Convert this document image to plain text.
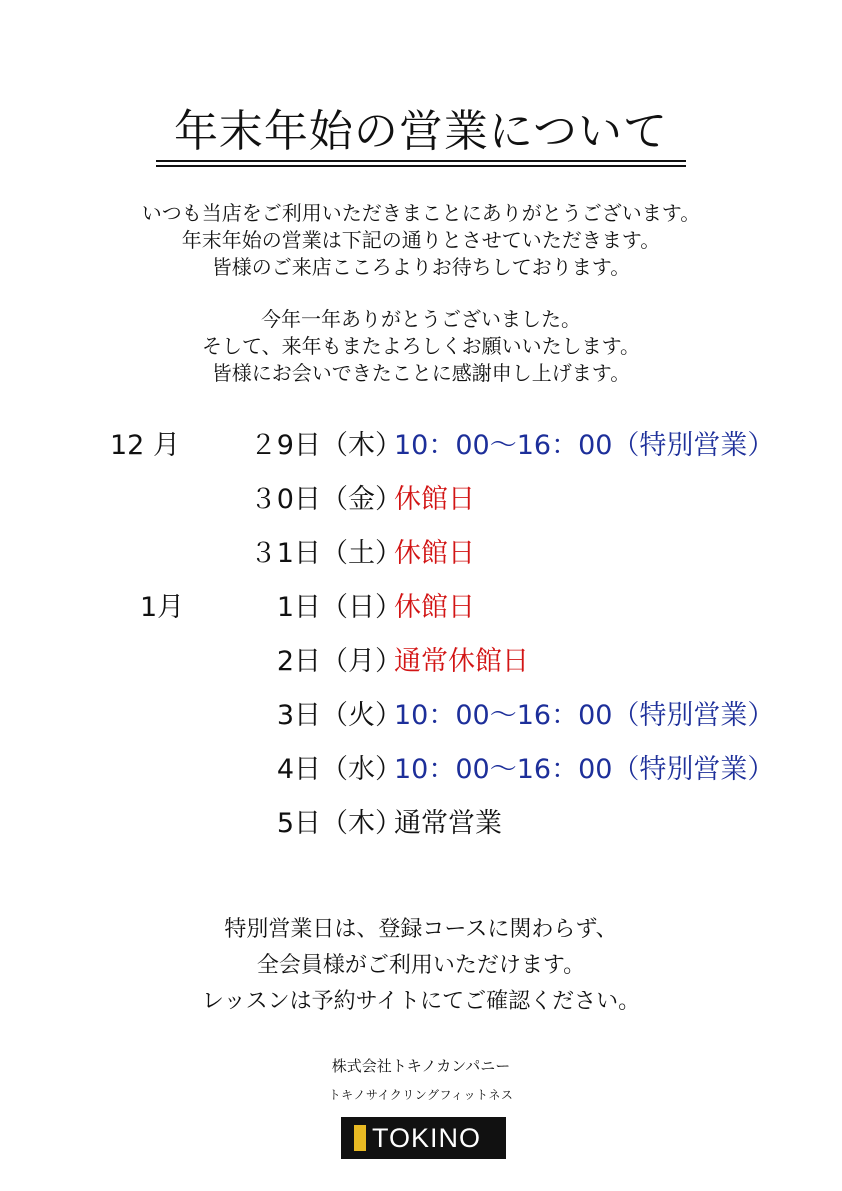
年末年始の営業について
いつも当店をご利用いただきまことにありがとうございます。
年末年始の営業は下記の通りとさせていただきます。
皆様のご来店こころよりお待ちしております。
今年一年ありがとうございました。
そして、来年もまたよろしくお願いいたします。
皆様にお会いできたことに感謝申し上げます。
12 月	２9日（木）
10：00～16：00（特別営業）
３0日（金）
休館日
３1日（土）
休館日
1月	1日（日）
休館日
2日（月）
通常休館日
3日（火）
10：00～16：00（特別営業）
4日（水）
10：00～16：00（特別営業）
5日（木）
通常営業
特別営業日は、登録コースに関わらず、
全会員様がご利用いただけます。
レッスンは予約サイトにてご確認ください。
株式会社トキノカンパニー
トキノサイクリングフィットネス
TOKINO
